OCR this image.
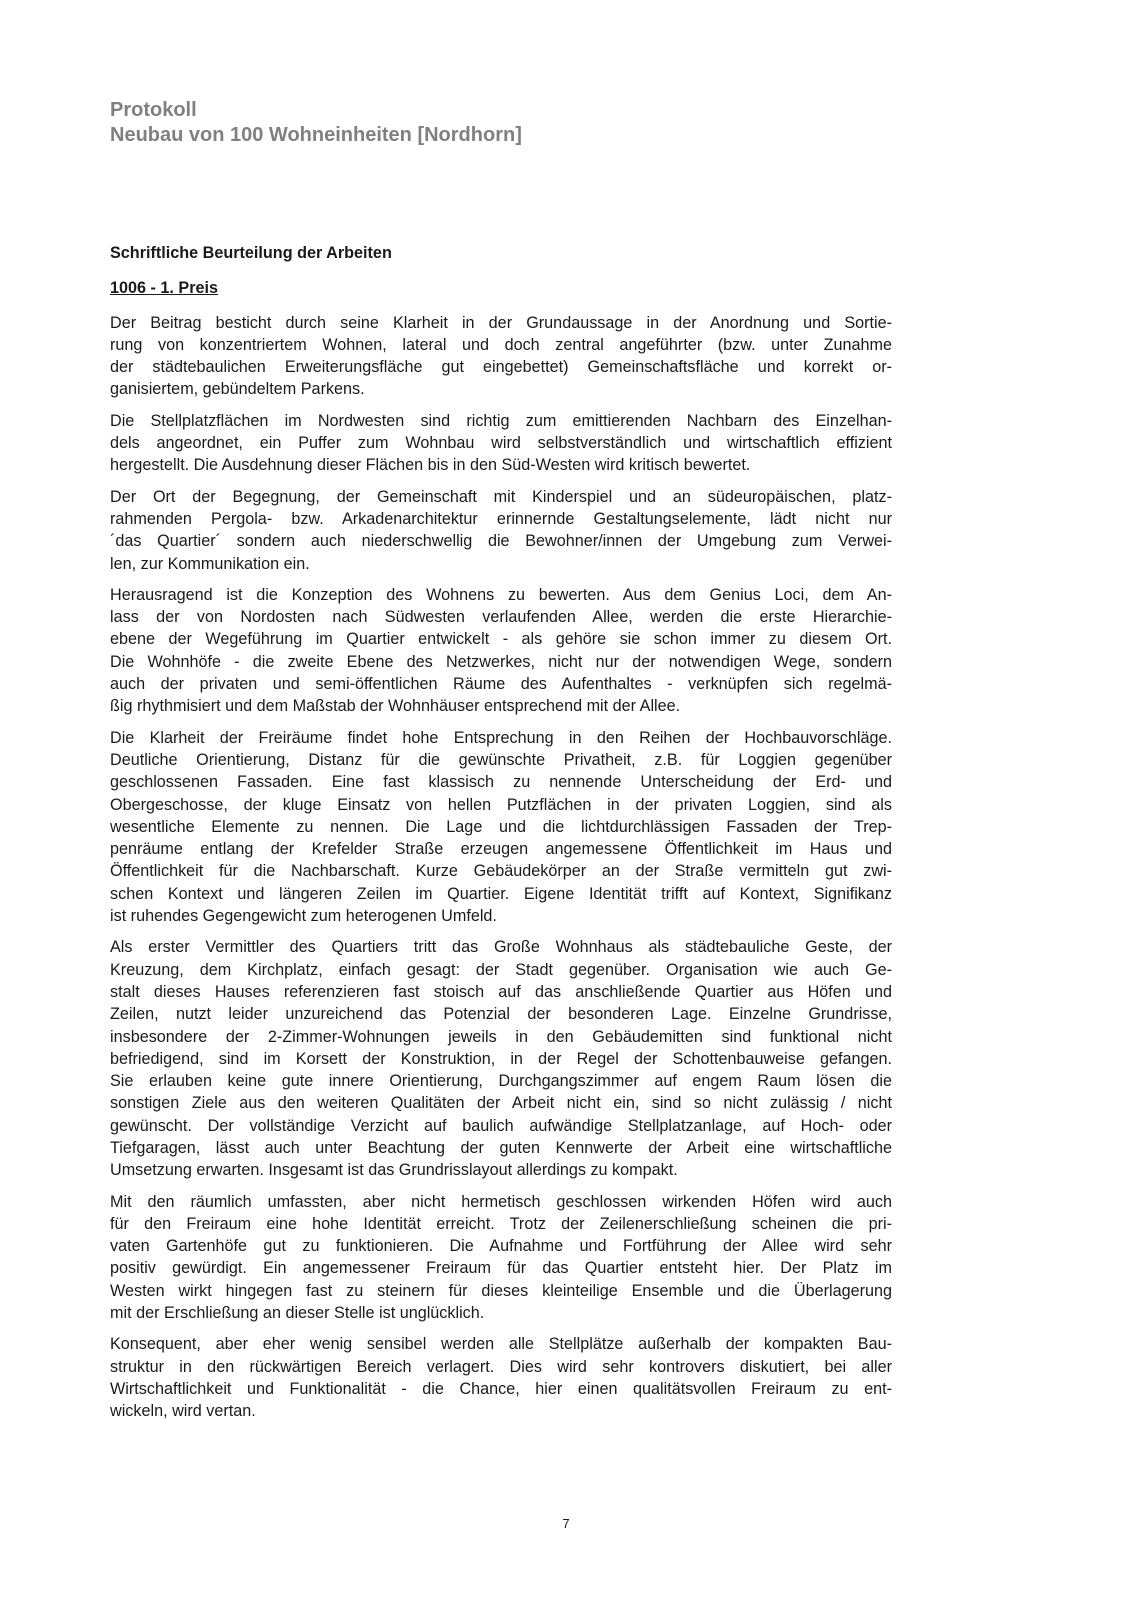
Protokoll
Neubau von 100 Wohneinheiten [Nordhorn]
Schriftliche Beurteilung der Arbeiten
1006 - 1. Preis
Der Beitrag besticht durch seine Klarheit in der Grundaussage in der Anordnung und Sortie-
rung von konzentriertem Wohnen, lateral und doch zentral angeführter (bzw. unter Zunahme
der städtebaulichen Erweiterungsfläche gut eingebettet) Gemeinschaftsfläche und korrekt or-
ganisiertem, gebündeltem Parkens.
Die Stellplatzflächen im Nordwesten sind richtig zum emittierenden Nachbarn des Einzelhan-
dels angeordnet, ein Puffer zum Wohnbau wird selbstverständlich und wirtschaftlich effizient
hergestellt. Die Ausdehnung dieser Flächen bis in den Süd-Westen wird kritisch bewertet.
Der Ort der Begegnung, der Gemeinschaft mit Kinderspiel und an südeuropäischen, platz-
rahmenden Pergola- bzw. Arkadenarchitektur erinnernde Gestaltungselemente, lädt nicht nur
´das Quartier´ sondern auch niederschwellig die Bewohner/innen der Umgebung zum Verwei-
len, zur Kommunikation ein.
Herausragend ist die Konzeption des Wohnens zu bewerten. Aus dem Genius Loci, dem An-
lass der von Nordosten nach Südwesten verlaufenden Allee, werden die erste Hierarchie-
ebene der Wegeführung im Quartier entwickelt - als gehöre sie schon immer zu diesem Ort.
Die Wohnhöfe - die zweite Ebene des Netzwerkes, nicht nur der notwendigen Wege, sondern
auch der privaten und semi-öffentlichen Räume des Aufenthaltes - verknüpfen sich regelmä-
ßig rhythmisiert und dem Maßstab der Wohnhäuser entsprechend mit der Allee.
Die Klarheit der Freiräume findet hohe Entsprechung in den Reihen der Hochbauvorschläge.
Deutliche Orientierung, Distanz für die gewünschte Privatheit, z.B. für Loggien gegenüber
geschlossenen Fassaden. Eine fast klassisch zu nennende Unterscheidung der Erd- und
Obergeschosse, der kluge Einsatz von hellen Putzflächen in der privaten Loggien, sind als
wesentliche Elemente zu nennen. Die Lage und die lichtdurchlässigen Fassaden der Trep-
penräume entlang der Krefelder Straße erzeugen angemessene Öffentlichkeit im Haus und
Öffentlichkeit für die Nachbarschaft. Kurze Gebäudekörper an der Straße vermitteln gut zwi-
schen Kontext und längeren Zeilen im Quartier. Eigene Identität trifft auf Kontext, Signifikanz
ist ruhendes Gegengewicht zum heterogenen Umfeld.
Als erster Vermittler des Quartiers tritt das Große Wohnhaus als städtebauliche Geste, der
Kreuzung, dem Kirchplatz, einfach gesagt: der Stadt gegenüber. Organisation wie auch Ge-
stalt dieses Hauses referenzieren fast stoisch auf das anschließende Quartier aus Höfen und
Zeilen, nutzt leider unzureichend das Potenzial der besonderen Lage. Einzelne Grundrisse,
insbesondere der 2-Zimmer-Wohnungen jeweils in den Gebäudemitten sind funktional nicht
befriedigend, sind im Korsett der Konstruktion, in der Regel der Schottenbauweise gefangen.
Sie erlauben keine gute innere Orientierung, Durchgangszimmer auf engem Raum lösen die
sonstigen Ziele aus den weiteren Qualitäten der Arbeit nicht ein, sind so nicht zulässig / nicht
gewünscht. Der vollständige Verzicht auf baulich aufwändige Stellplatzanlage, auf Hoch- oder
Tiefgaragen, lässt auch unter Beachtung der guten Kennwerte der Arbeit eine wirtschaftliche
Umsetzung erwarten. Insgesamt ist das Grundrisslayout allerdings zu kompakt.
Mit den räumlich umfassten, aber nicht hermetisch geschlossen wirkenden Höfen wird auch
für den Freiraum eine hohe Identität erreicht. Trotz der Zeilenerschließung scheinen die pri-
vaten Gartenhöfe gut zu funktionieren. Die Aufnahme und Fortführung der Allee wird sehr
positiv gewürdigt. Ein angemessener Freiraum für das Quartier entsteht hier. Der Platz im
Westen wirkt hingegen fast zu steinern für dieses kleinteilige Ensemble und die Überlagerung
mit der Erschließung an dieser Stelle ist unglücklich.
Konsequent, aber eher wenig sensibel werden alle Stellplätze außerhalb der kompakten Bau-
struktur in den rückwärtigen Bereich verlagert. Dies wird sehr kontrovers diskutiert, bei aller
Wirtschaftlichkeit und Funktionalität - die Chance, hier einen qualitätsvollen Freiraum zu ent-
wickeln, wird vertan.
7
